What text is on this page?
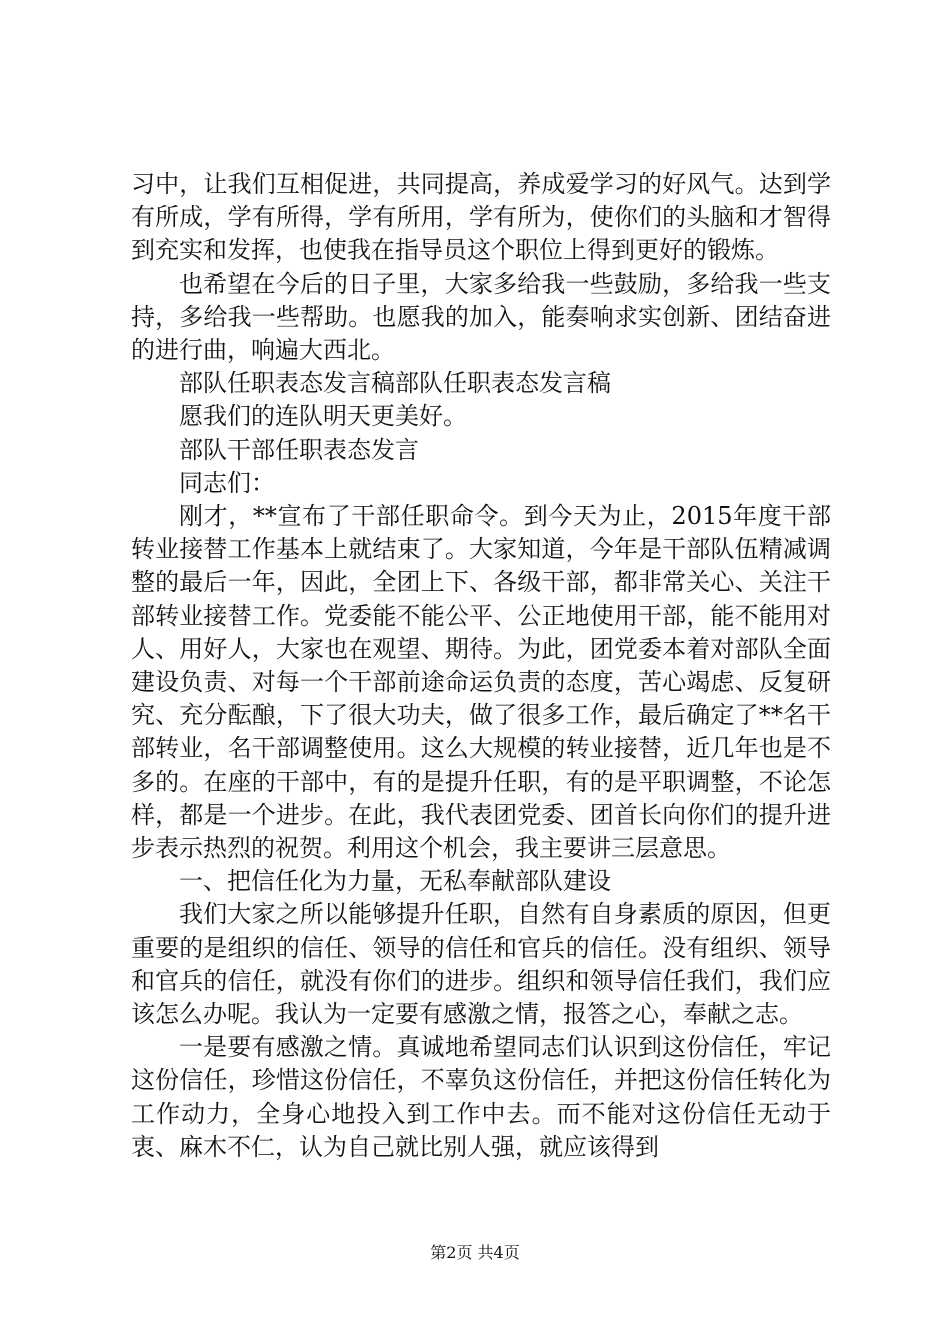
习中，让我们互相促进，共同提高，养成爱学习的好风气。达到学有所成，学有所得，学有所用，学有所为，使你们的头脑和才智得到充实和发挥，也使我在指导员这个职位上得到更好的锻炼。

也希望在今后的日子里，大家多给我一些鼓励，多给我一些支持，多给我一些帮助。也愿我的加入，能奏响求实创新、团结奋进的进行曲，响遍大西北。

部队任职表态发言稿部队任职表态发言稿

愿我们的连队明天更美好。

部队干部任职表态发言

同志们：

刚才，**宣布了干部任职命令。到今天为止，2015年度干部转业接替工作基本上就结束了。大家知道，今年是干部队伍精减调整的最后一年，因此，全团上下、各级干部，都非常关心、关注干部转业接替工作。党委能不能公平、公正地使用干部，能不能用对人、用好人，大家也在观望、期待。为此，团党委本着对部队全面建设负责、对每一个干部前途命运负责的态度，苦心竭虑、反复研究、充分酝酿，下了很大功夫，做了很多工作，最后确定了**名干部转业，名干部调整使用。这么大规模的转业接替，近几年也是不多的。在座的干部中，有的是提升任职，有的是平职调整，不论怎样，都是一个进步。在此，我代表团党委、团首长向你们的提升进步表示热烈的祝贺。利用这个机会，我主要讲三层意思。

一、把信任化为力量，无私奉献部队建设

我们大家之所以能够提升任职，自然有自身素质的原因，但更重要的是组织的信任、领导的信任和官兵的信任。没有组织、领导和官兵的信任，就没有你们的进步。组织和领导信任我们，我们应该怎么办呢。我认为一定要有感激之情，报答之心，奉献之志。

一是要有感激之情。真诚地希望同志们认识到这份信任，牢记这份信任，珍惜这份信任，不辜负这份信任，并把这份信任转化为工作动力，全身心地投入到工作中去。而不能对这份信任无动于衷、麻木不仁，认为自己就比别人强，就应该得到

第2页 共4页
